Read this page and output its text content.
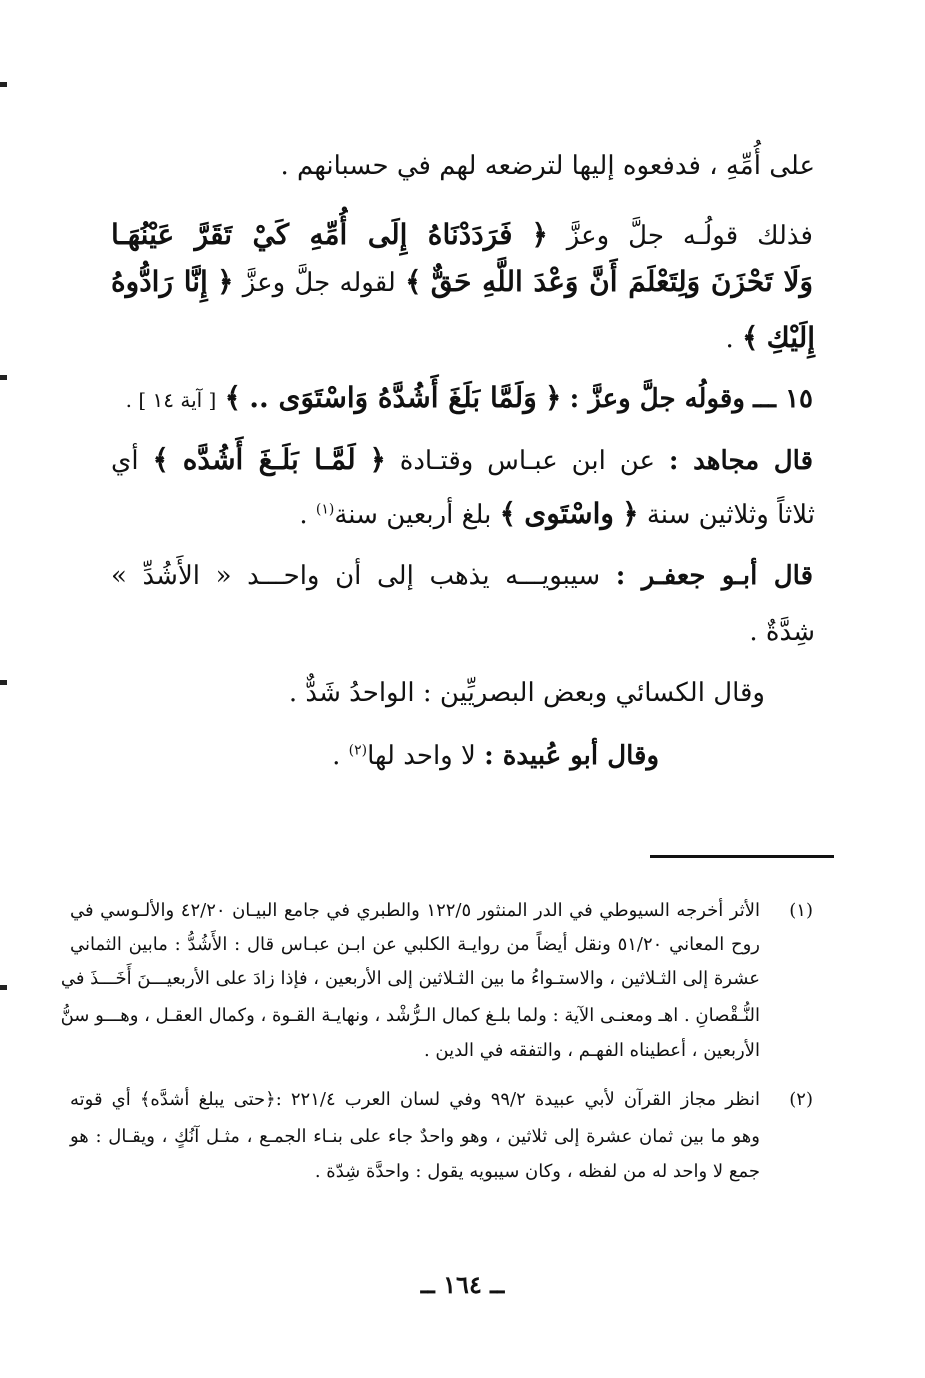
على أُمِّهِ ، فدفعوه إليها لترضعه لهم في حسبانهم .
فذلك قولُـه جلَّ وعزَّ ﴿ فَرَدَدْنَاهُ إِلَى أُمِّهِ كَيْ تَقَرَّ عَيْنُهَـا
وَلَا تَحْزَنَ وَلِتَعْلَمَ أَنَّ وَعْدَ اللَّهِ حَقٌّ ﴾ لقوله جلَّ وعزَّ ﴿ إِنَّا رَادُّوهُ
إِلَيْكِ ﴾ .
١٥ ـــ وقولُه جلَّ وعزَّ : ﴿ وَلَمَّا بَلَغَ أَشُدَّهُ وَاسْتَوَى .. ﴾ [ آية ١٤ ] .
قال مجاهد : عن ابن عبـاس وقتـادة ﴿ لَمَّـا بَلَـغَ أَشُدَّه ﴾ أي
ثلاثاً وثلاثين سنة ﴿ واسْتَوى ﴾ بلغ أربعين سنة$^{(١)}$ .
قال أبـو جعفـر : سيبويـــه يذهب إلى أن واحـــد « الأَشُدِّ »
شِدَّةٌ .
وقال الكسائي وبعض البصريِّين : الواحدُ شَدٌّ .
وقال أبو عُبيدة : لا واحد لها$^{(٢)}$ .
(١)
الأثر أخرجه السيوطي في الدر المنثور ١٢٢/٥ والطبري في جامع البيـان ٤٢/٢٠ والألـوسي في
روح المعاني ٥١/٢٠ ونقل أيضاً من روايـة الكلبي عن ابـن عبـاس قال : الأَشُدُّ : مابين الثماني
عشرة إلى الثـلاثين ، والاستـواءُ ما بين الثـلاثين إلى الأربعين ، فإذا زادَ على الأربعيـــنَ أَخَـــذَ في
النُّـقْصانِ . اهـ ومعنـى الآية : ولما بلـغ كمال الـرُّشْد ، ونهايـة القـوة ، وكمال العقـل ، وهـــو سنُّ
الأربعين ، أعطيناه الفهـم ، والتفقه في الدين .
(٢)
انظر مجاز القرآن لأبي عبيدة ٩٩/٢ وفي لسان العرب ٢٢١/٤ :﴿حتى يبلغ أشدَّه﴾ أي قوته
وهو ما بين ثمان عشرة إلى ثلاثين ، وهو واحدٌ جاء على بنـاء الجمـع ، مثـل آنُكٍ ، ويقـال : هو
جمع لا واحد له من لفظه ، وكان سيبويه يقول : واحدَّة شِدّة .
ــ ١٦٤ ــ
